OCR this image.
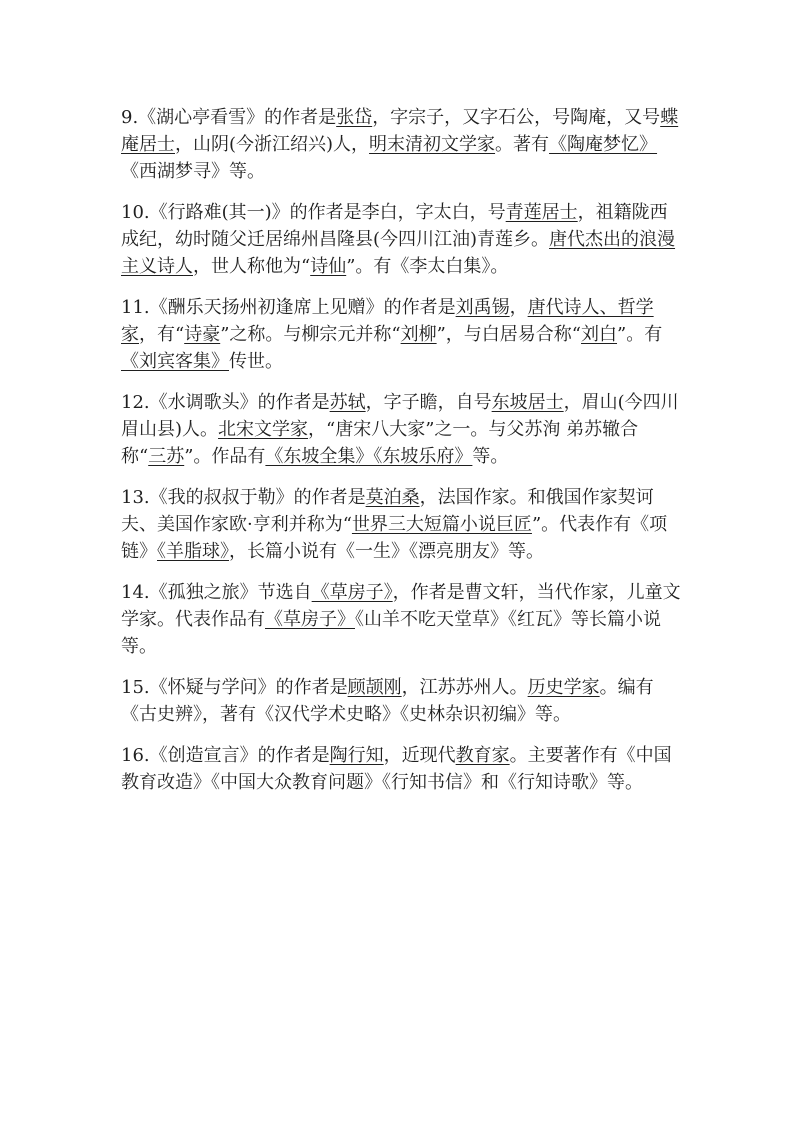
9.《湖心亭看雪》的作者是张岱，字宗子，又字石公，号陶庵，又号蝶庵居士，山阴(今浙江绍兴)人，明末清初文学家。著有《陶庵梦忆》《西湖梦寻》等。

10.《行路难(其一)》的作者是李白，字太白，号青莲居士，祖籍陇西成纪，幼时随父迁居绵州昌隆县(今四川江油)青莲乡。唐代杰出的浪漫主义诗人，世人称他为“诗仙”。有《李太白集》。

11.《酬乐天扬州初逢席上见赠》的作者是刘禹锡，唐代诗人、哲学家，有“诗豪”之称。与柳宗元并称“刘柳”，与白居易合称“刘白”。有《刘宾客集》传世。

12.《水调歌头》的作者是苏轼，字子瞻，自号东坡居士，眉山(今四川眉山县)人。北宋文学家，“唐宋八大家”之一。与父苏洵 弟苏辙合称“三苏”。作品有《东坡全集》《东坡乐府》等。

13.《我的叔叔于勒》的作者是莫泊桑，法国作家。和俄国作家契诃夫、美国作家欧·亨利并称为“世界三大短篇小说巨匠”。代表作有《项链》《羊脂球》，长篇小说有《一生》《漂亮朋友》等。

14.《孤独之旅》节选自《草房子》，作者是曹文轩，当代作家，儿童文学家。代表作品有《草房子》《山羊不吃天堂草》《红瓦》等长篇小说等。

15.《怀疑与学问》的作者是顾颉刚，江苏苏州人。历史学家。编有《古史辨》，著有《汉代学术史略》《史林杂识初编》等。

16.《创造宣言》的作者是陶行知，近现代教育家。主要著作有《中国教育改造》《中国大众教育问题》《行知书信》和《行知诗歌》等。
